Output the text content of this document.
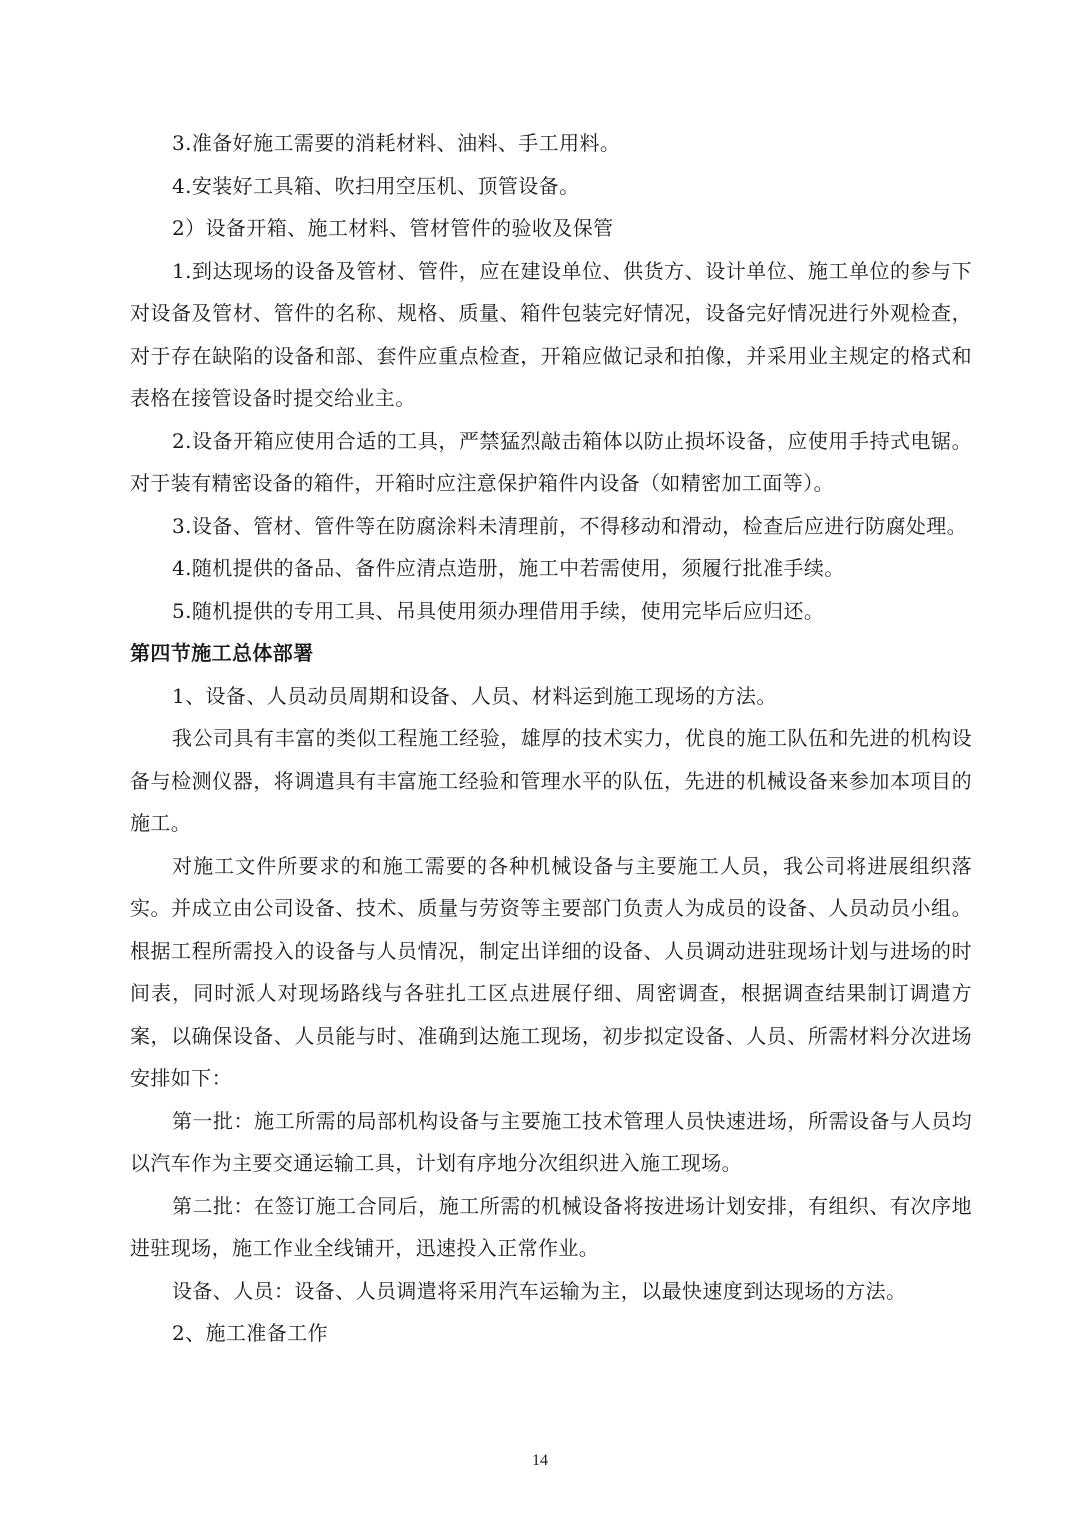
3.准备好施工需要的消耗材料、油料、手工用料。

4.安装好工具箱、吹扫用空压机、顶管设备。

2）设备开箱、施工材料、管材管件的验收及保管

1.到达现场的设备及管材、管件，应在建设单位、供货方、设计单位、施工单位的参与下对设备及管材、管件的名称、规格、质量、箱件包装完好情况，设备完好情况进行外观检查，对于存在缺陷的设备和部、套件应重点检查，开箱应做记录和拍像，并采用业主规定的格式和表格在接管设备时提交给业主。

2.设备开箱应使用合适的工具，严禁猛烈敲击箱体以防止损坏设备，应使用手持式电锯。对于装有精密设备的箱件，开箱时应注意保护箱件内设备（如精密加工面等）。

3.设备、管材、管件等在防腐涂料未清理前，不得移动和滑动，检查后应进行防腐处理。

4.随机提供的备品、备件应清点造册，施工中若需使用，须履行批准手续。

5.随机提供的专用工具、吊具使用须办理借用手续，使用完毕后应归还。

第四节施工总体部署

1、设备、人员动员周期和设备、人员、材料运到施工现场的方法。

我公司具有丰富的类似工程施工经验，雄厚的技术实力，优良的施工队伍和先进的机构设备与检测仪器，将调遣具有丰富施工经验和管理水平的队伍，先进的机械设备来参加本项目的施工。

对施工文件所要求的和施工需要的各种机械设备与主要施工人员，我公司将进展组织落实。并成立由公司设备、技术、质量与劳资等主要部门负责人为成员的设备、人员动员小组。根据工程所需投入的设备与人员情况，制定出详细的设备、人员调动进驻现场计划与进场的时间表，同时派人对现场路线与各驻扎工区点进展仔细、周密调查，根据调查结果制订调遣方案，以确保设备、人员能与时、准确到达施工现场，初步拟定设备、人员、所需材料分次进场安排如下：

第一批：施工所需的局部机构设备与主要施工技术管理人员快速进场，所需设备与人员均以汽车作为主要交通运输工具，计划有序地分次组织进入施工现场。

第二批：在签订施工合同后，施工所需的机械设备将按进场计划安排，有组织、有次序地进驻现场，施工作业全线铺开，迅速投入正常作业。

设备、人员：设备、人员调遣将采用汽车运输为主，以最快速度到达现场的方法。

2、施工准备工作

14
